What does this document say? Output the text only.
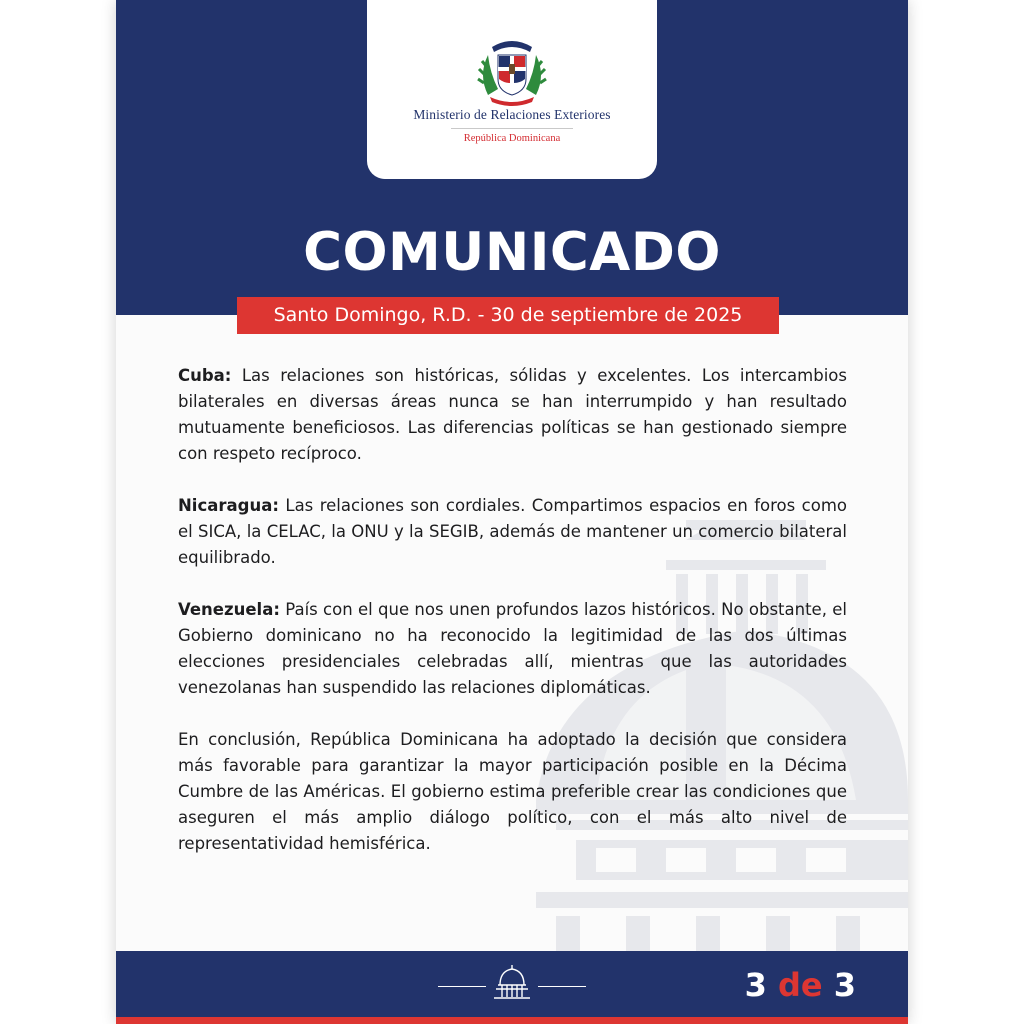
Ministerio de Relaciones Exteriores
República Dominicana
COMUNICADO
Santo Domingo, R.D. - 30 de septiembre de 2025

Cuba: Las relaciones son históricas, sólidas y excelentes. Los intercambios bilaterales en diversas áreas nunca se han interrumpido y han resultado mutuamente beneficiosos. Las diferencias políticas se han gestionado siempre con respeto recíproco.

Nicaragua: Las relaciones son cordiales. Compartimos espacios en foros como el SICA, la CELAC, la ONU y la SEGIB, además de mantener un comercio bilateral equilibrado.

Venezuela: País con el que nos unen profundos lazos históricos. No obstante, el Gobierno dominicano no ha reconocido la legitimidad de las dos últimas elecciones presidenciales celebradas allí, mientras que las autoridades venezolanas han suspendido las relaciones diplomáticas.

En conclusión, República Dominicana ha adoptado la decisión que considera más favorable para garantizar la mayor participación posible en la Décima Cumbre de las Américas. El gobierno estima preferible crear las condiciones que aseguren el más amplio diálogo político, con el más alto nivel de representatividad hemisférica.

3 de 3
